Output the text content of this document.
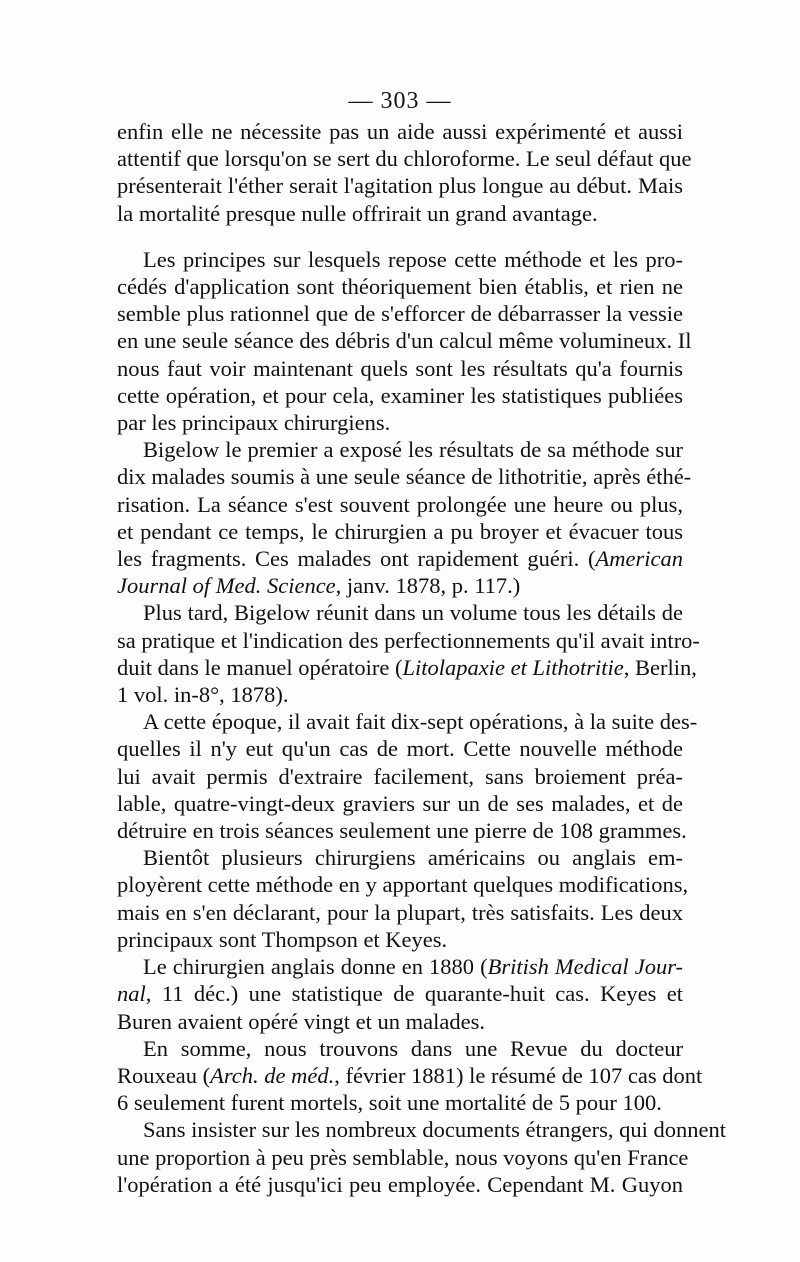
— 303 —
enfin elle ne nécessite pas un aide aussi expérimenté et aussi
attentif que lorsqu'on se sert du chloroforme. Le seul défaut que
présenterait l'éther serait l'agitation plus longue au début. Mais
la mortalité presque nulle offrirait un grand avantage.
Les principes sur lesquels repose cette méthode et les pro-
cédés d'application sont théoriquement bien établis, et rien ne
semble plus rationnel que de s'efforcer de débarrasser la vessie
en une seule séance des débris d'un calcul même volumineux. Il
nous faut voir maintenant quels sont les résultats qu'a fournis
cette opération, et pour cela, examiner les statistiques publiées
par les principaux chirurgiens.
Bigelow le premier a exposé les résultats de sa méthode sur
dix malades soumis à une seule séance de lithotritie, après éthé-
risation. La séance s'est souvent prolongée une heure ou plus,
et pendant ce temps, le chirurgien a pu broyer et évacuer tous
les fragments. Ces malades ont rapidement guéri. (American
Journal of Med. Science, janv. 1878, p. 117.)
Plus tard, Bigelow réunit dans un volume tous les détails de
sa pratique et l'indication des perfectionnements qu'il avait intro-
duit dans le manuel opératoire (Litolapaxie et Lithotritie, Berlin,
1 vol. in-8°, 1878).
A cette époque, il avait fait dix-sept opérations, à la suite des-
quelles il n'y eut qu'un cas de mort. Cette nouvelle méthode
lui avait permis d'extraire facilement, sans broiement préa-
lable, quatre-vingt-deux graviers sur un de ses malades, et de
détruire en trois séances seulement une pierre de 108 grammes.
Bientôt plusieurs chirurgiens américains ou anglais em-
ployèrent cette méthode en y apportant quelques modifications,
mais en s'en déclarant, pour la plupart, très satisfaits. Les deux
principaux sont Thompson et Keyes.
Le chirurgien anglais donne en 1880 (British Medical Jour-
nal, 11 déc.) une statistique de quarante-huit cas. Keyes et
Buren avaient opéré vingt et un malades.
En somme, nous trouvons dans une Revue du docteur
Rouxeau (Arch. de méd., février 1881) le résumé de 107 cas dont
6 seulement furent mortels, soit une mortalité de 5 pour 100.
Sans insister sur les nombreux documents étrangers, qui donnent
une proportion à peu près semblable, nous voyons qu'en France
l'opération a été jusqu'ici peu employée. Cependant M. Guyon
